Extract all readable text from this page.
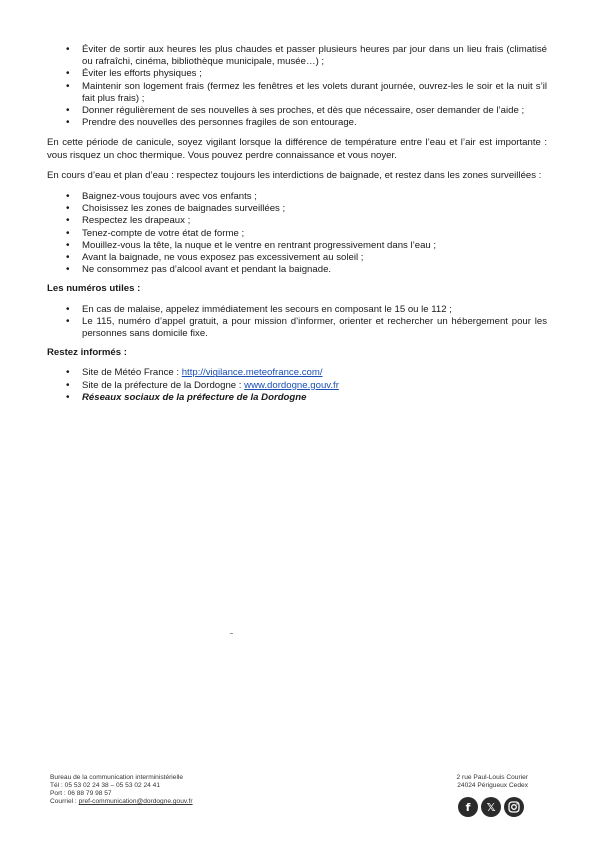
• Éviter de sortir aux heures les plus chaudes et passer plusieurs heures par jour dans un lieu frais (climatisé ou rafraîchi, cinéma, bibliothèque municipale, musée…) ;
• Éviter les efforts physiques ;
• Maintenir son logement frais (fermez les fenêtres et les volets durant journée, ouvrez-les le soir et la nuit s’il fait plus frais) ;
• Donner régulièrement de ses nouvelles à ses proches, et dès que nécessaire, oser demander de l’aide ;
• Prendre des nouvelles des personnes fragiles de son entourage.

En cette période de canicule, soyez vigilant lorsque la différence de température entre l’eau et l’air est importante : vous risquez un choc thermique. Vous pouvez perdre connaissance et vous noyer.

En cours d’eau et plan d’eau : respectez toujours les interdictions de baignade, et restez dans les zones surveillées :

• Baignez-vous toujours avec vos enfants ;
• Choisissez les zones de baignades surveillées ;
• Respectez les drapeaux ;
• Tenez-compte de votre état de forme ;
• Mouillez-vous la tête, la nuque et le ventre en rentrant progressivement dans l’eau ;
• Avant la baignade, ne vous exposez pas excessivement au soleil ;
• Ne consommez pas d’alcool avant et pendant la baignade.

Les numéros utiles :

• En cas de malaise, appelez immédiatement les secours en composant le 15 ou le 112 ;
• Le 115, numéro d’appel gratuit, a pour mission d’informer, orienter et rechercher un hébergement pour les personnes sans domicile fixe.

Restez informés :

• Site de Météo France : http://vigilance.meteofrance.com/
• Site de la préfecture de la Dordogne : www.dordogne.gouv.fr
• Réseaux sociaux de la préfecture de la Dordogne
Bureau de la communication interministérielle
Tél : 05 53 02 24 38 – 05 53 02 24 41
Port : 06 88 79 98 57
Courriel : pref-communication@dordogne.gouv.fr
2 rue Paul-Louis Courier
24024 Périgueux Cedex
f	𝕏
